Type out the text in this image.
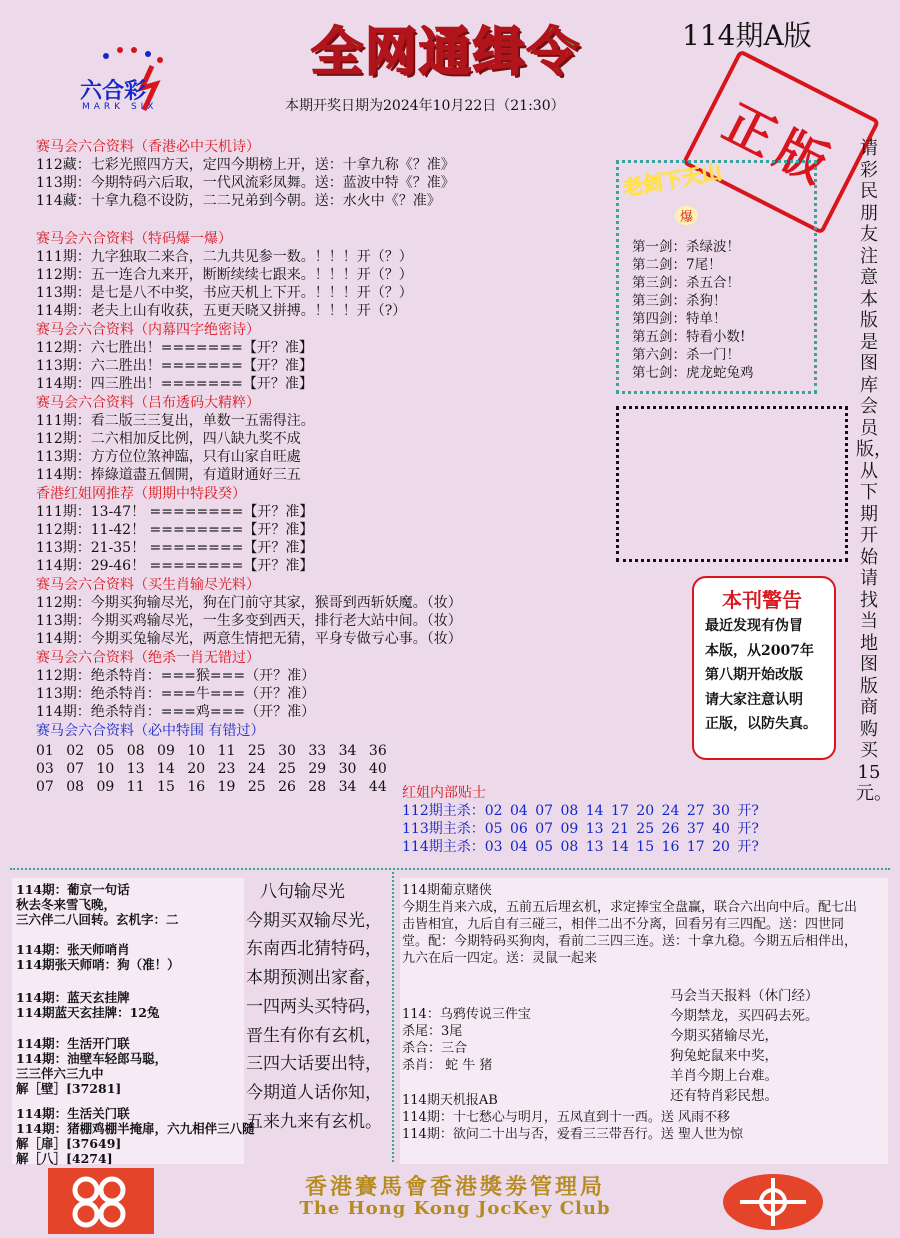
六合彩
MARK SIX
全网通缉令	114期A版
本期开奖日期为2024年10月22日（21:30）	正版 请彩民朋友注意本版是图库会员版，从下期开始请找当地图版商购买15元。
赛马会六合资料（香港必中天机诗）
112藏：七彩光照四方天，定四今期榜上开，送：十拿九称《？准》
113期：今期特码六后取，一代风流彩凤舞。送：蓝波中特《？准》
114藏：十拿九稳不设防，二二兄弟到今朝。送：水火中《？准》
赛马会六合资料（特码爆一爆）
111期：九字独取二来合，二九共见参一数。！！！开（？）
112期：五一连合九来开，断断续续七跟来。！！！开（？）
113期：是七是八不中奖，书应天机上下开。！！！开（？）
114期：老夫上山有收获，五更天晓又拼搏。！！！开（?）
赛马会六合资料（内幕四字绝密诗）
112期：六七胜出！=======【开？准】
113期：六二胜出！=======【开？准】
114期：四三胜出！=======【开？准】
赛马会六合资料（吕布透码大精粹）
111期：看二版三三复出，单数一五需得注。
112期：二六相加反比例，四八缺九奖不成
113期：方方位位煞神臨，只有山家自旺處
114期：捧綠道盡五個開，有道財通好三五
香港红姐网推荐（期期中特段癸）
111期：13-47！ ========【开？准】
112期：11-42！ ========【开？准】
113期：21-35！ ========【开？准】
114期：29-46！ ========【开？准】
赛马会六合资料（买生肖输尽光料）
112期：今期买狗输尽光，狗在门前守其家，猴哥到西斩妖魔。（妆）
113期：今期买鸡输尽光，一生多变到西天，排行老大站中间。（妆）
114期：今期买兔输尽光，两意生情把无猜，平身专做亏心事。（妆）
赛马会六合资料（绝杀一肖无错过）
112期：绝杀特肖：===猴===（开？准）
113期：绝杀特肖：===牛===（开？准）
114期：绝杀特肖：===鸡===（开？准）
赛马会六合资料（必中特围 有错过）
01 02 05 08 09 10 11 25 30 33 34 36
03 07 10 13 14 20 23 24 25 29 30 40
07 08 09 11 15 16 19 25 26 28 34 44
老剑下天山
爆
第一剑：杀绿波！
第二剑：7尾！
第三剑：杀五合！
第三剑：杀狗！
第四剑：特单！
第五剑：特看小数!
第六剑：杀一门！
第七剑：虎龙蛇兔鸡
本刊警告
最近发现有伪冒
本版，从2007年
第八期开始改版
请大家注意认明
正版，以防失真。
红姐内部贴士
112期主杀：02 04 07 08 14 17 20 24 27 30 开?
113期主杀：05 06 07 09 13 21 25 26 37 40 开?
114期主杀：03 04 05 08 13 14 15 16 17 20 开?
114期：葡京一句话
秋去冬来雪飞晚，
三六伴二八回转。玄机字：二
114期：张天师哨肖
114期张天师哨：狗（准！）
114期：蓝天玄挂牌
114期蓝天玄挂牌：12兔
114期：生活开门联
114期：油壁车轻郎马聪，
三三伴六三九中
解［壁］[37281]
114期：生活关门联
114期：猪棚鸡棚半掩扉，六九相伴三八随
解［扉］[37649]
解［八］[4274]
八句输尽光
今期买双输尽光，
东南西北猜特码，
本期预测出家畜，
一四两头买特码，
晋生有你有玄机，
三四大话要出特，
今期道人话你知，
五来九来有玄机。
114期葡京赌侠
今期生肖来六成，五前五后埋玄机，求定捧宝全盘赢，联合六出向中后。配七出击皆相宜，九后自有三碰三，相伴二出不分离，回看另有三四配。送：四世同堂。配：今期特码买狗肉，看前二三四三连。送：十拿九稳。今期五后相伴出，九六在后一四定。送：灵鼠一起来
114：乌鸦传说三件宝
杀尾：3尾
杀合：三合
杀肖： 蛇 牛 猪
114期天机报AB
114期：十七愁心与明月，五凤直到十一西。送 风雨不移
114期：欲问二十出与否，爱看三三带吾行。送 聖人世为惊
马会当天报料（休门经）
今期禁龙，买四码去死。
今期买猪输尽光，
狗兔蛇鼠来中奖，
羊肖今期上台难。
还有特肖彩民想。
香港賽馬會香港獎劵管理局
The Hong Kong JocKey Club
